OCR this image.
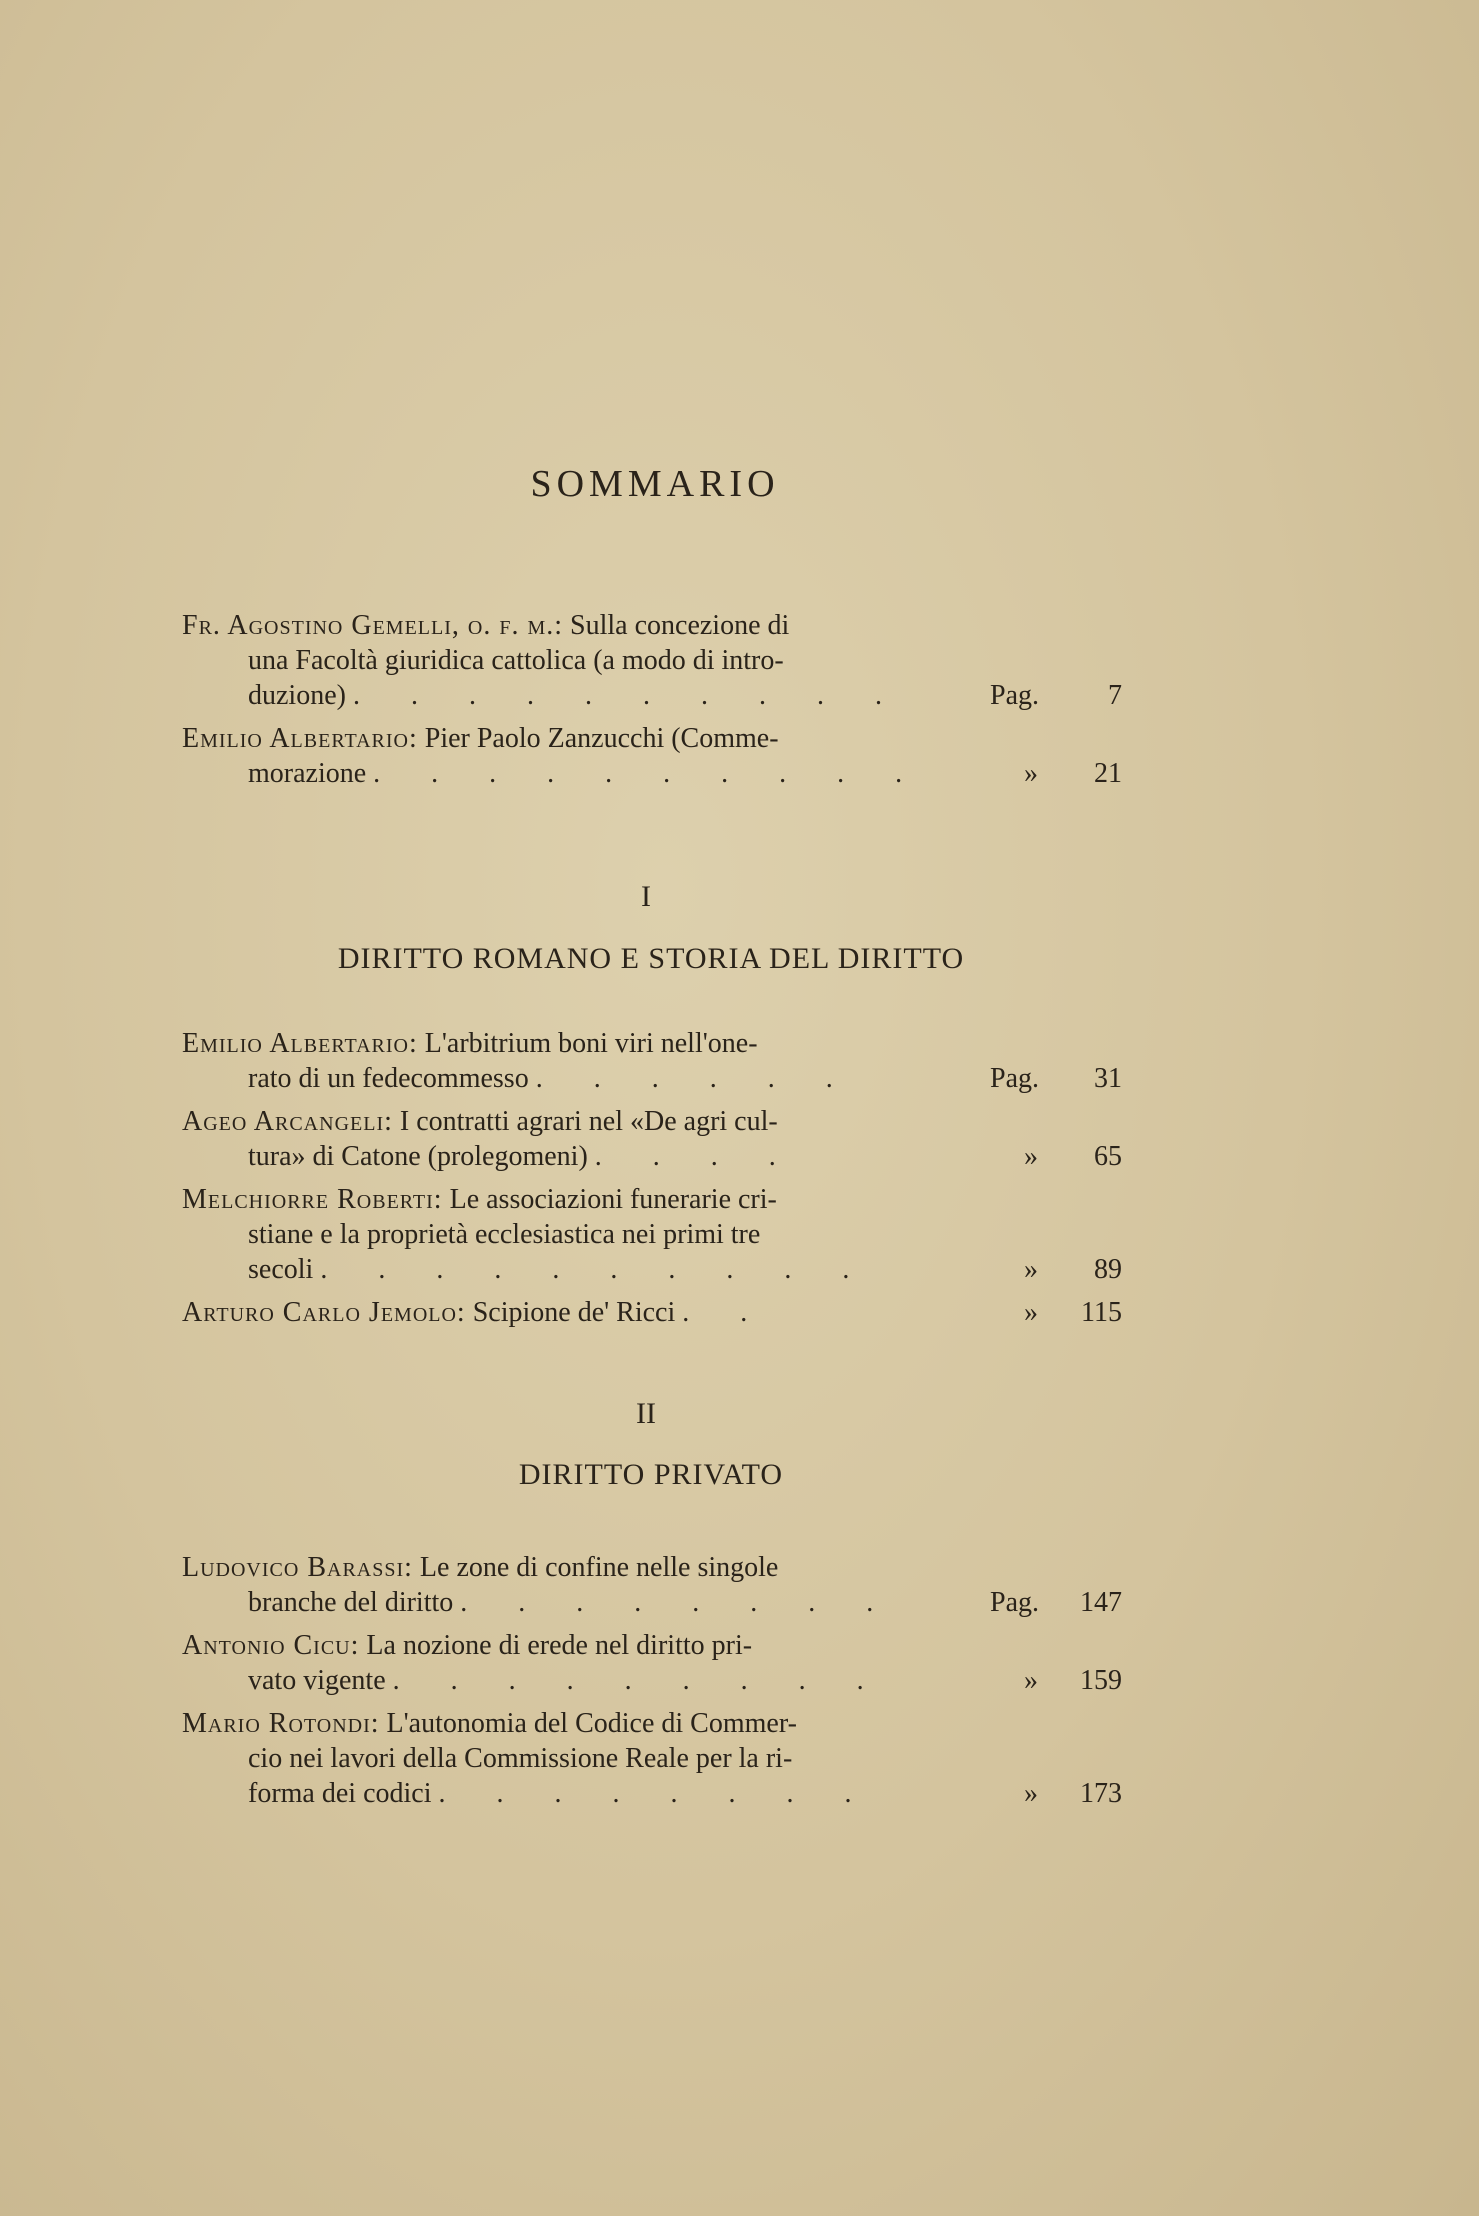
SOMMARIO
Fr. Agostino Gemelli, o. f. m.: Sulla concezione di
una Facoltà giuridica cattolica (a modo di intro-
duzione) . . . . . . . . . .	Pag. 7
Emilio Albertario: Pier Paolo Zanzucchi (Comme-
morazione . . . . . . . . . .	» 21
I
DIRITTO ROMANO E STORIA DEL DIRITTO
Emilio Albertario: L'arbitrium boni viri nell'one-
rato di un fedecommesso . . . . . .	Pag. 31
Ageo Arcangeli: I contratti agrari nel «De agri cul-
tura» di Catone (prolegomeni) . . . .	» 65
Melchiorre Roberti: Le associazioni funerarie cri-
stiane e la proprietà ecclesiastica nei primi tre
secoli . . . . . . . . . .	» 89
Arturo Carlo Jemolo: Scipione de' Ricci . .	» 115
II
DIRITTO PRIVATO
Ludovico Barassi: Le zone di confine nelle singole
branche del diritto . . . . . . . .	Pag. 147
Antonio Cicu: La nozione di erede nel diritto pri-
vato vigente . . . . . . . . .	» 159
Mario Rotondi: L'autonomia del Codice di Commer-
cio nei lavori della Commissione Reale per la ri-
forma dei codici . . . . . . . .	» 173
